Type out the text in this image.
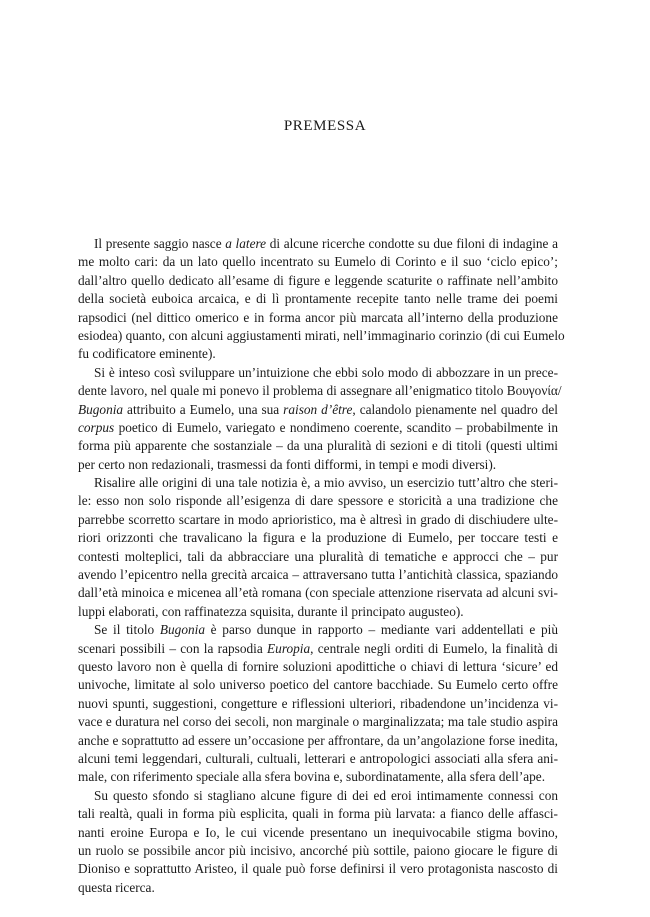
PREMESSA
Il presente saggio nasce a latere di alcune ricerche condotte su due filoni di indagine a
me molto cari: da un lato quello incentrato su Eumelo di Corinto e il suo ‘ciclo epico’;
dall’altro quello dedicato all’esame di figure e leggende scaturite o raffinate nell’ambito
della società euboica arcaica, e di lì prontamente recepite tanto nelle trame dei poemi
rapsodici (nel dittico omerico e in forma ancor più marcata all’interno della produzione
esiodea) quanto, con alcuni aggiustamenti mirati, nell’immaginario corinzio (di cui Eumelo
fu codificatore eminente).
Si è inteso così sviluppare un’intuizione che ebbi solo modo di abbozzare in un prece-
dente lavoro, nel quale mi ponevo il problema di assegnare all’enigmatico titolo Βουγονία/
Bugonia attribuito a Eumelo, una sua raison d’être, calandolo pienamente nel quadro del
corpus poetico di Eumelo, variegato e nondimeno coerente, scandito – probabilmente in
forma più apparente che sostanziale – da una pluralità di sezioni e di titoli (questi ultimi
per certo non redazionali, trasmessi da fonti difformi, in tempi e modi diversi).
Risalire alle origini di una tale notizia è, a mio avviso, un esercizio tutt’altro che steri-
le: esso non solo risponde all’esigenza di dare spessore e storicità a una tradizione che
parrebbe scorretto scartare in modo aprioristico, ma è altresì in grado di dischiudere ulte-
riori orizzonti che travalicano la figura e la produzione di Eumelo, per toccare testi e
contesti molteplici, tali da abbracciare una pluralità di tematiche e approcci che – pur
avendo l’epicentro nella grecità arcaica – attraversano tutta l’antichità classica, spaziando
dall’età minoica e micenea all’età romana (con speciale attenzione riservata ad alcuni svi-
luppi elaborati, con raffinatezza squisita, durante il principato augusteo).
Se il titolo Bugonia è parso dunque in rapporto – mediante vari addentellati e più
scenari possibili – con la rapsodia Europia, centrale negli orditi di Eumelo, la finalità di
questo lavoro non è quella di fornire soluzioni apodittiche o chiavi di lettura ‘sicure’ ed
univoche, limitate al solo universo poetico del cantore bacchiade. Su Eumelo certo offre
nuovi spunti, suggestioni, congetture e riflessioni ulteriori, ribadendone un’incidenza vi-
vace e duratura nel corso dei secoli, non marginale o marginalizzata; ma tale studio aspira
anche e soprattutto ad essere un’occasione per affrontare, da un’angolazione forse inedita,
alcuni temi leggendari, culturali, cultuali, letterari e antropologici associati alla sfera ani-
male, con riferimento speciale alla sfera bovina e, subordinatamente, alla sfera dell’ape.
Su questo sfondo si stagliano alcune figure di dei ed eroi intimamente connessi con
tali realtà, quali in forma più esplicita, quali in forma più larvata: a fianco delle affasci-
nanti eroine Europa e Io, le cui vicende presentano un inequivocabile stigma bovino,
un ruolo se possibile ancor più incisivo, ancorché più sottile, paiono giocare le figure di
Dioniso e soprattutto Aristeo, il quale può forse definirsi il vero protagonista nascosto di
questa ricerca.
